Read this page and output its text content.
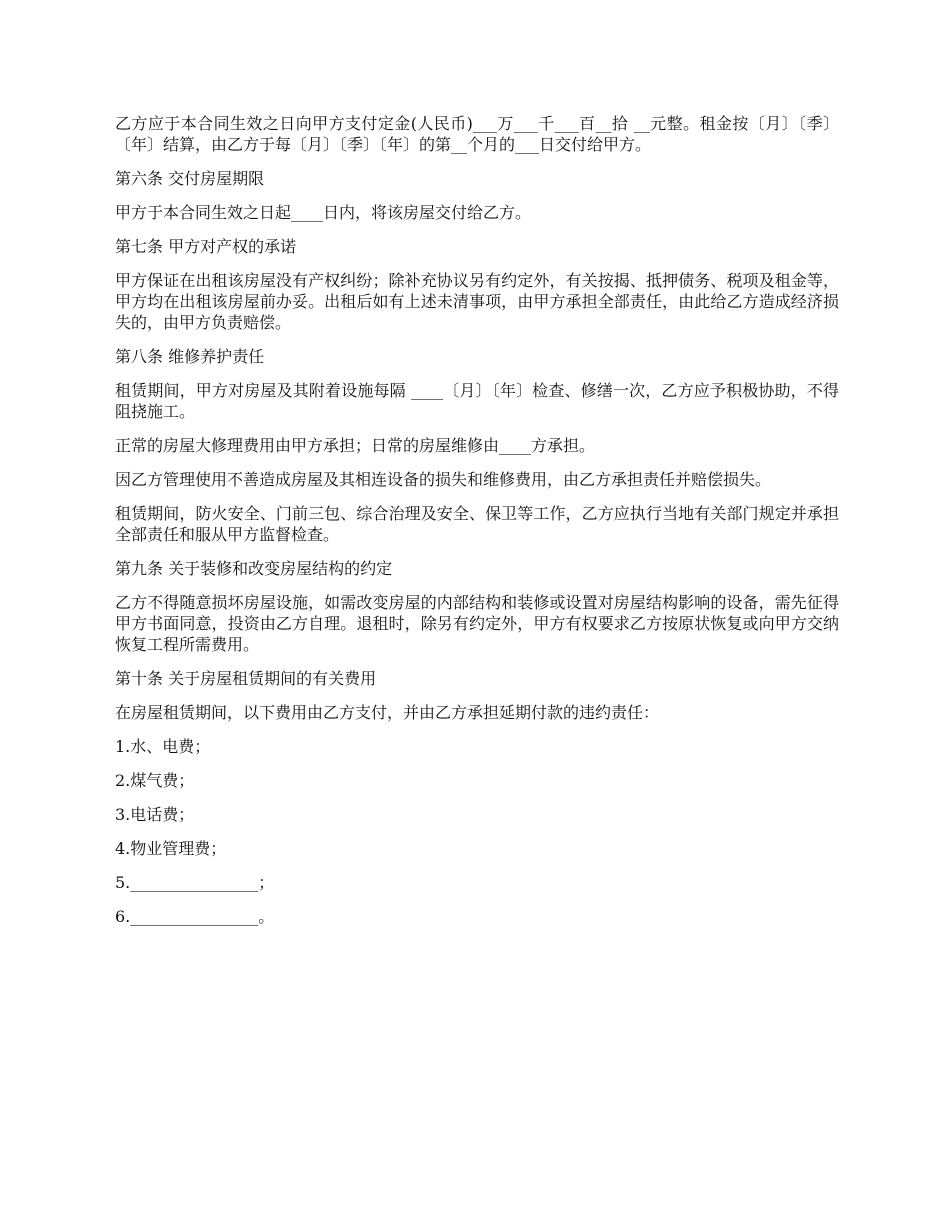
乙方应于本合同生效之日向甲方支付定金(人民币)___万___千___百__拾 __元整。租金按〔月〕〔季〕〔年〕结算，由乙方于每〔月〕〔季〕〔年〕的第__个月的___日交付给甲方。

第六条 交付房屋期限

甲方于本合同生效之日起____日内，将该房屋交付给乙方。

第七条 甲方对产权的承诺

甲方保证在出租该房屋没有产权纠纷；除补充协议另有约定外，有关按揭、抵押债务、税项及租金等，甲方均在出租该房屋前办妥。出租后如有上述未清事项，由甲方承担全部责任，由此给乙方造成经济损失的，由甲方负责赔偿。

第八条 维修养护责任

租赁期间，甲方对房屋及其附着设施每隔 ____〔月〕〔年〕检查、修缮一次，乙方应予积极协助，不得阻挠施工。

正常的房屋大修理费用由甲方承担；日常的房屋维修由____方承担。

因乙方管理使用不善造成房屋及其相连设备的损失和维修费用，由乙方承担责任并赔偿损失。

租赁期间，防火安全、门前三包、综合治理及安全、保卫等工作，乙方应执行当地有关部门规定并承担全部责任和服从甲方监督检查。

第九条 关于装修和改变房屋结构的约定

乙方不得随意损坏房屋设施，如需改变房屋的内部结构和装修或设置对房屋结构影响的设备，需先征得甲方书面同意，投资由乙方自理。退租时，除另有约定外，甲方有权要求乙方按原状恢复或向甲方交纳恢复工程所需费用。

第十条 关于房屋租赁期间的有关费用

在房屋租赁期间，以下费用由乙方支付，并由乙方承担延期付款的违约责任：

1.水、电费；

2.煤气费；

3.电话费；

4.物业管理费；

5.________________；

6.________________。
